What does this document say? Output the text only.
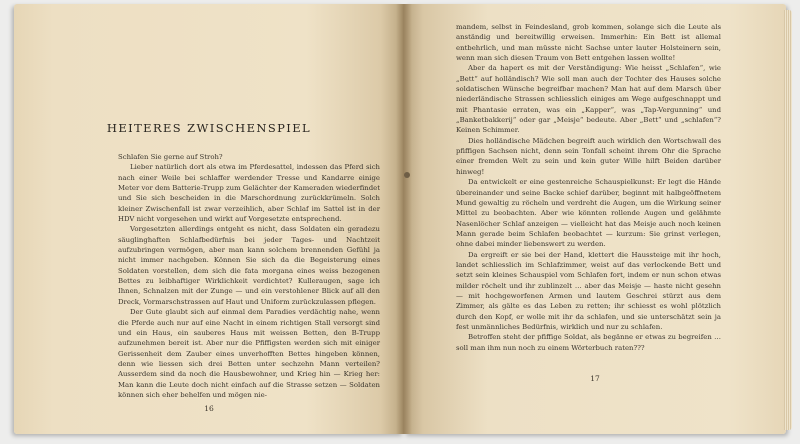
HEITERES ZWISCHENSPIEL

Schlafen Sie gerne auf Stroh?

Lieber natürlich dort als etwa im Pferdesattel, indessen das Pferd sich nach einer Weile bei schlaffer werdender Tresse und Kandarre einige Meter vor dem Batterie-Trupp zum Gelächter der Kameraden wiederfindet und Sie sich bescheiden in die Marschordnung zurückkrümeln. Solch kleiner Zwischenfall ist zwar verzeihlich, aber Schlaf im Sattel ist in der HDV nicht vorgesehen und wirkt auf Vorgesetzte entsprechend.

Vorgesetzten allerdings entgeht es nicht, dass Soldaten ein geradezu säuglinghaften Schlafbedürfnis bei jeder Tages- und Nachtzeit aufzubringen vermögen, aber man kann solchem brennenden Gefühl ja nicht immer nachgeben. Können Sie sich da die Begeisterung eines Soldaten vorstellen, dem sich die fata morgana eines weiss bezogenen Bettes zu leibhaftiger Wirklichkeit verdichtet? Kulleraugen, sage ich Ihnen, Schnalzen mit der Zunge — und ein verstohlener Blick auf all den Dreck, Vormarschstrassen auf Haut und Uniform zurückzulassen pflegen.

Der Gute glaubt sich auf einmal dem Paradies verdächtig nahe, wenn die Pferde auch nur auf eine Nacht in einem richtigen Stall versorgt sind und ein Haus, ein sauberes Haus mit weissen Betten, den B-Trupp aufzunehmen bereit ist. Aber nur die Pfiffigsten werden sich mit einiger Gerissenheit dem Zauber eines unverhofften Bettes hingeben können, denn wie liessen sich drei Betten unter sechzehn Mann verteilen? Ausserdem sind da noch die Hausbewohner, und Krieg hin — Krieg her: Man kann die Leute doch nicht einfach auf die Strasse setzen — Soldaten können sich eher behelfen und mögen nie-

16
17

mandem, selbst in Feindesland, grob kommen, solange sich die Leute als anständig und bereitwillig erweisen. Immerhin: Ein Bett ist allemal entbehrlich, und man müsste nicht Sachse unter lauter Holsteinern sein, wenn man sich diesen Traum von Bett entgehen lassen wollte!

Aber da hapert es mit der Verständigung: Wie heisst „Schlafen“, wie „Bett“ auf holländisch? Wie soll man auch der Tochter des Hauses solche soldatischen Wünsche begreifbar machen? Man hat auf dem Marsch über niederländische Strassen schliesslich einiges am Wege aufgeschnappt und mit Phantasie erraten, was ein „Kapper“, was „Tap-Vergunning“ und „Banketbakkerij“ oder gar „Meisje“ bedeute. Aber „Bett“ und „schlafen“? Keinen Schimmer.

Dies holländische Mädchen begreift auch wirklich den Wortschwall des pfiffigen Sachsen nicht, denn sein Tonfall scheint ihrem Ohr die Sprache einer fremden Welt zu sein und kein guter Wille hilft Beiden darüber hinweg!

Da entwickelt er eine gestenreiche Schauspielkunst: Er legt die Hände übereinander und seine Backe schief darüber, beginnt mit halbgeöffnetem Mund gewaltig zu röcheln und verdreht die Augen, um die Wirkung seiner Mittel zu beobachten. Aber wie könnten rollende Augen und gelähmte Nasenlöcher Schlaf anzeigen — vielleicht hat das Meisje auch noch keinen Mann gerade beim Schlafen beobachtet — kurzum: Sie grinst verlegen, ohne dabei minder liebenswert zu werden.

Da ergreift er sie bei der Hand, klettert die Haussteige mit ihr hoch, landet schliesslich im Schlafzimmer, weist auf das verlockende Bett und setzt sein kleines Schauspiel vom Schlafen fort, indem er nun schon etwas milder röchelt und ihr zublinzelt … aber das Meisje — haste nicht gesehn — mit hochgeworfenen Armen und lautem Geschrei stürzt aus dem Zimmer, als gälte es das Leben zu retten; ihr schiesst es wohl plötzlich durch den Kopf, er wolle mit ihr da schlafen, und sie unterschätzt sein ja fest unmännliches Bedürfnis, wirklich und nur zu schlafen.

Betroffen steht der pfiffige Soldat, als begänne er etwas zu begreifen … soll man ihm nun noch zu einem Wörterbuch raten???
